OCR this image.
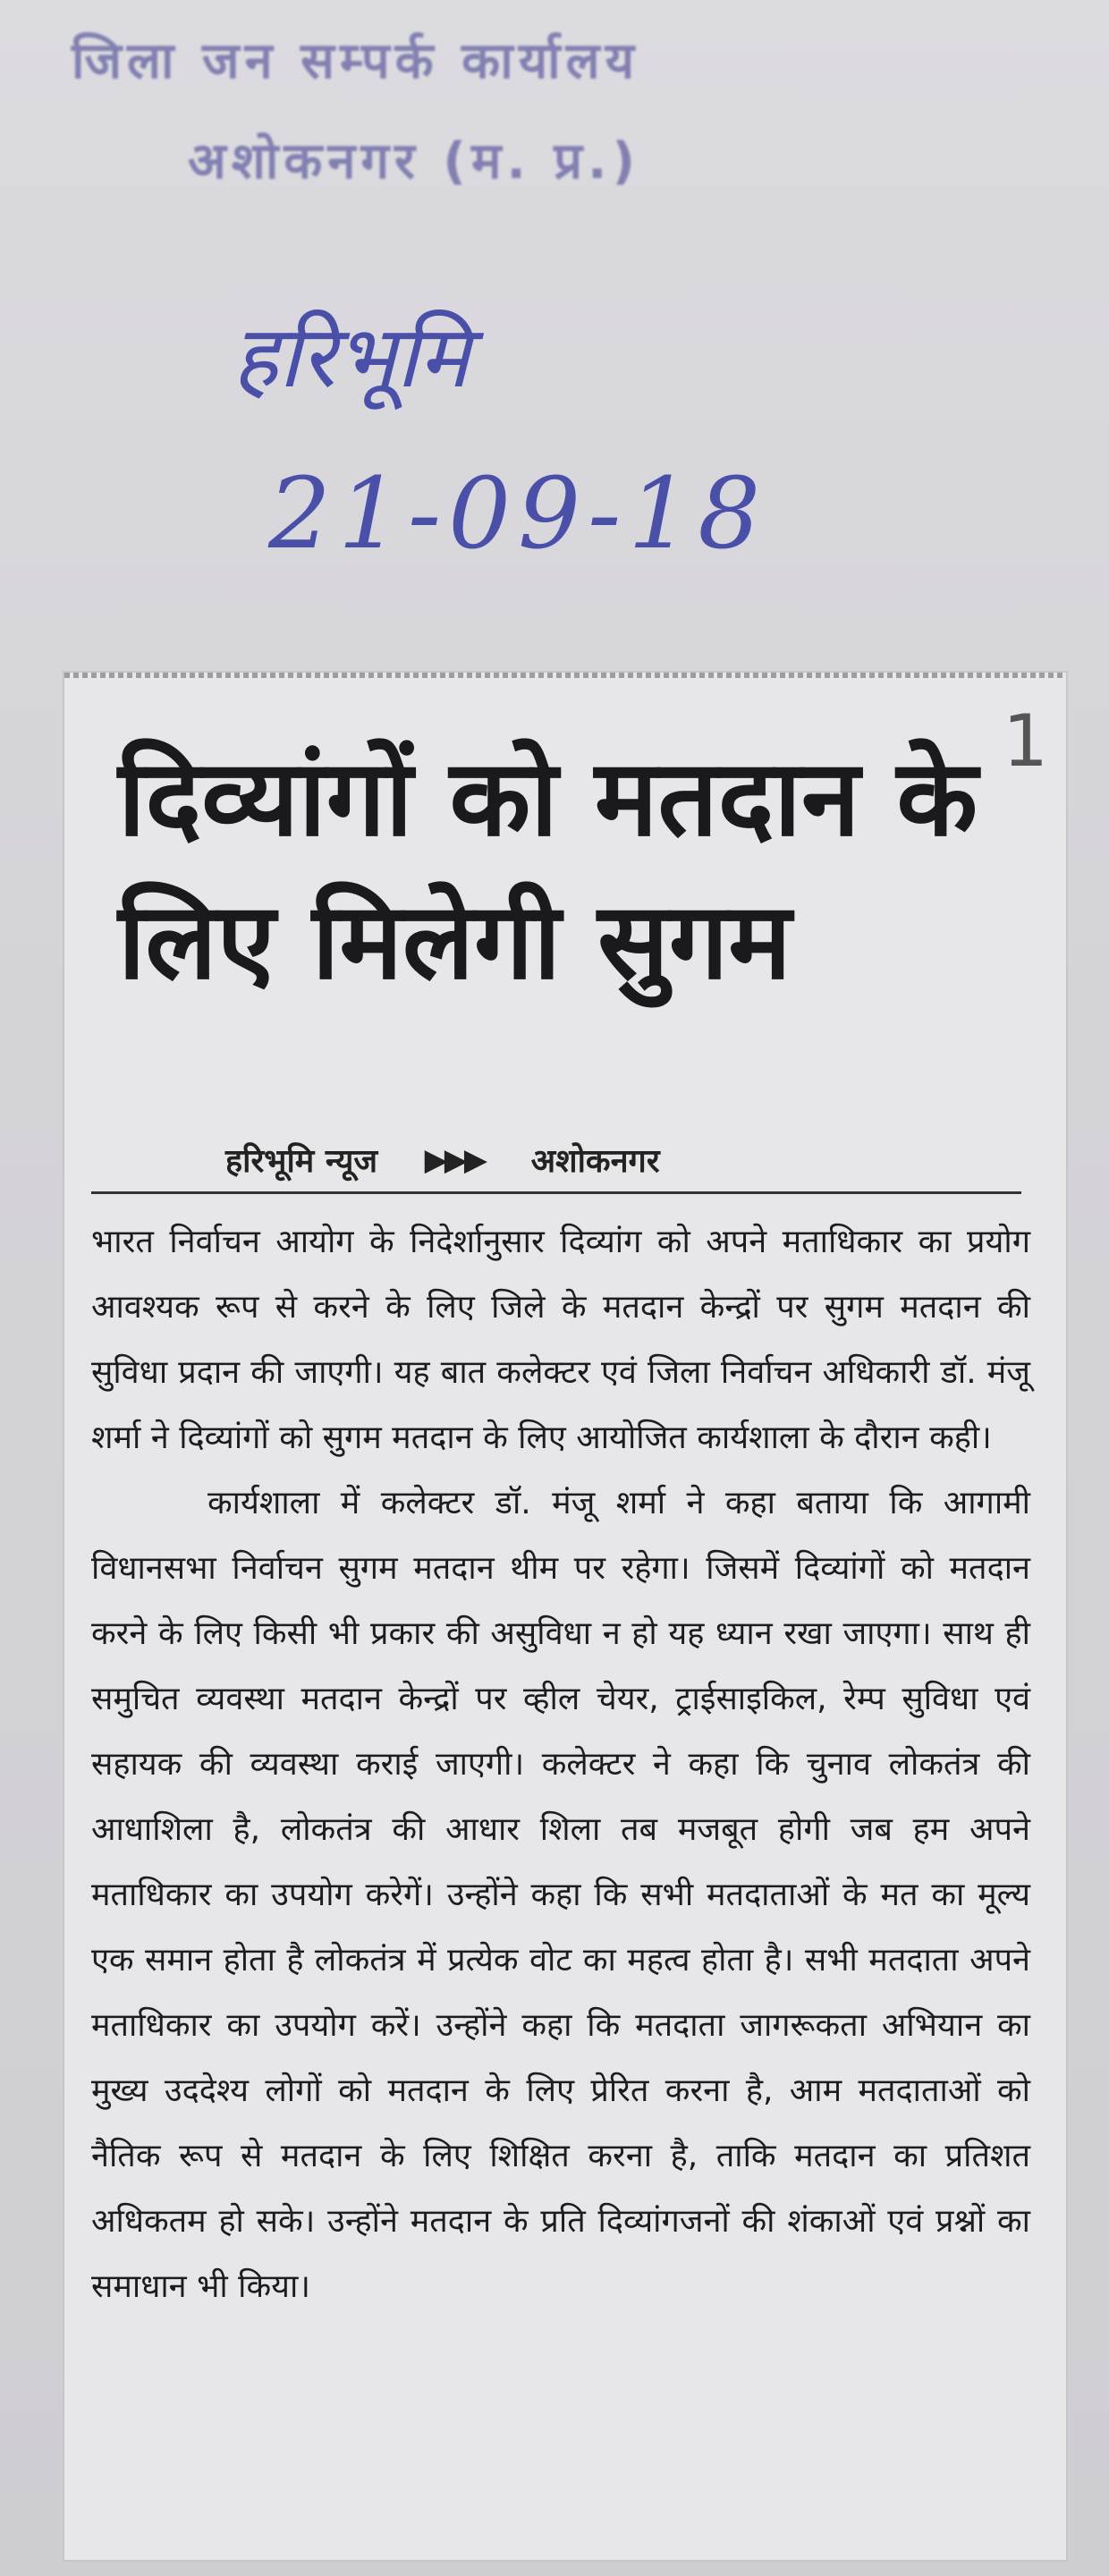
जिला जन सम्पर्क कार्यालय
अशोकनगर (म. प्र.)
हरिभूमि
21-09-18
1
दिव्यांगों को मतदान के लिए मिलेगी सुगम
हरिभूमि न्यूज ▶▶▶ अशोकनगर

भारत निर्वाचन आयोग के निदेर्शानुसार दिव्यांग को अपने मताधिकार का प्रयोग आवश्यक रूप से करने के लिए जिले के मतदान केन्द्रों पर सुगम मतदान की सुविधा प्रदान की जाएगी। यह बात कलेक्टर एवं जिला निर्वाचन अधिकारी डॉ. मंजू शर्मा ने दिव्यांगों को सुगम मतदान के लिए आयोजित कार्यशाला के दौरान कही।

कार्यशाला में कलेक्टर डॉ. मंजू शर्मा ने कहा बताया कि आगामी विधानसभा निर्वाचन सुगम मतदान थीम पर रहेगा। जिसमें दिव्यांगों को मतदान करने के लिए किसी भी प्रकार की असुविधा न हो यह ध्यान रखा जाएगा। साथ ही समुचित व्यवस्था मतदान केन्द्रों पर व्हील चेयर, ट्राईसाइकिल, रेम्प सुविधा एवं सहायक की व्यवस्था कराई जाएगी। कलेक्टर ने कहा कि चुनाव लोकतंत्र की आधाशिला है, लोकतंत्र की आधार शिला तब मजबूत होगी जब हम अपने मताधिकार का उपयोग करेगें। उन्होंने कहा कि सभी मतदाताओं के मत का मूल्य एक समान होता है लोकतंत्र में प्रत्येक वोट का महत्व होता है। सभी मतदाता अपने मताधिकार का उपयोग करें। उन्होंने कहा कि मतदाता जागरूकता अभियान का मुख्य उददेश्य लोगों को मतदान के लिए प्रेरित करना है, आम मतदाताओं को नैतिक रूप से मतदान के लिए शिक्षित करना है, ताकि मतदान का प्रतिशत अधिकतम हो सके। उन्होंने मतदान के प्रति दिव्यांगजनों की शंकाओं एवं प्रश्नों का समाधान भी किया।
